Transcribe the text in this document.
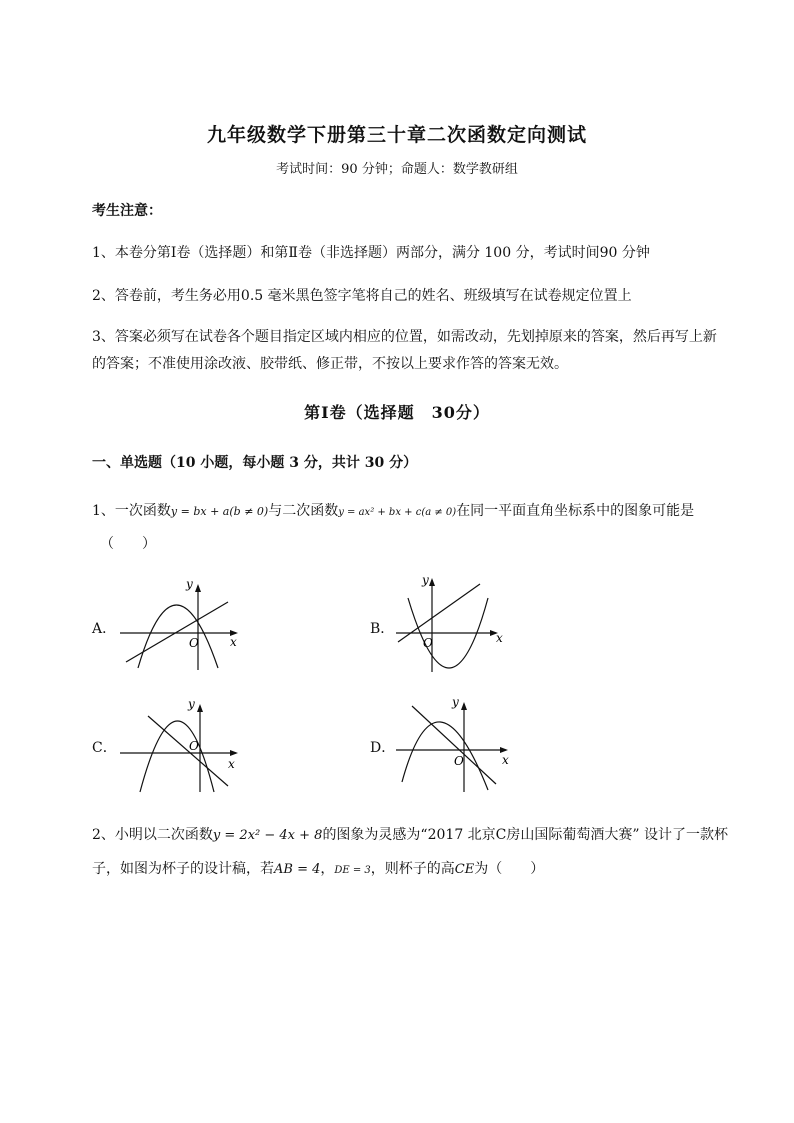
九年级数学下册第三十章二次函数定向测试
考试时间：90 分钟；命题人：数学教研组
考生注意：
1、本卷分第Ⅰ卷（选择题）和第Ⅱ卷（非选择题）两部分，满分 100 分，考试时间90 分钟
2、答卷前，考生务必用0.5 毫米黑色签字笔将自己的姓名、班级填写在试卷规定位置上
3、答案必须写在试卷各个题目指定区域内相应的位置，如需改动，先划掉原来的答案，然后再写上新
的答案；不准使用涂改液、胶带纸、修正带，不按以上要求作答的答案无效。
第Ⅰ卷（选择题　30分）
一、单选题（10 小题，每小题 3 分，共计 30 分）
1、一次函数y = bx + a(b ≠ 0)与二次函数y = ax² + bx + c(a ≠ 0)在同一平面直角坐标系中的图象可能是
（　　）
A．	B．
C．	D．
y
x
O
y
x
O
y
x
O
y
x
O
2、小明以二次函数y = 2x² − 4x + 8的图象为灵感为“2017 北京C房山国际葡萄酒大赛” 设计了一款杯
子，如图为杯子的设计稿，若AB = 4，DE = 3，则杯子的高CE为（　　）
